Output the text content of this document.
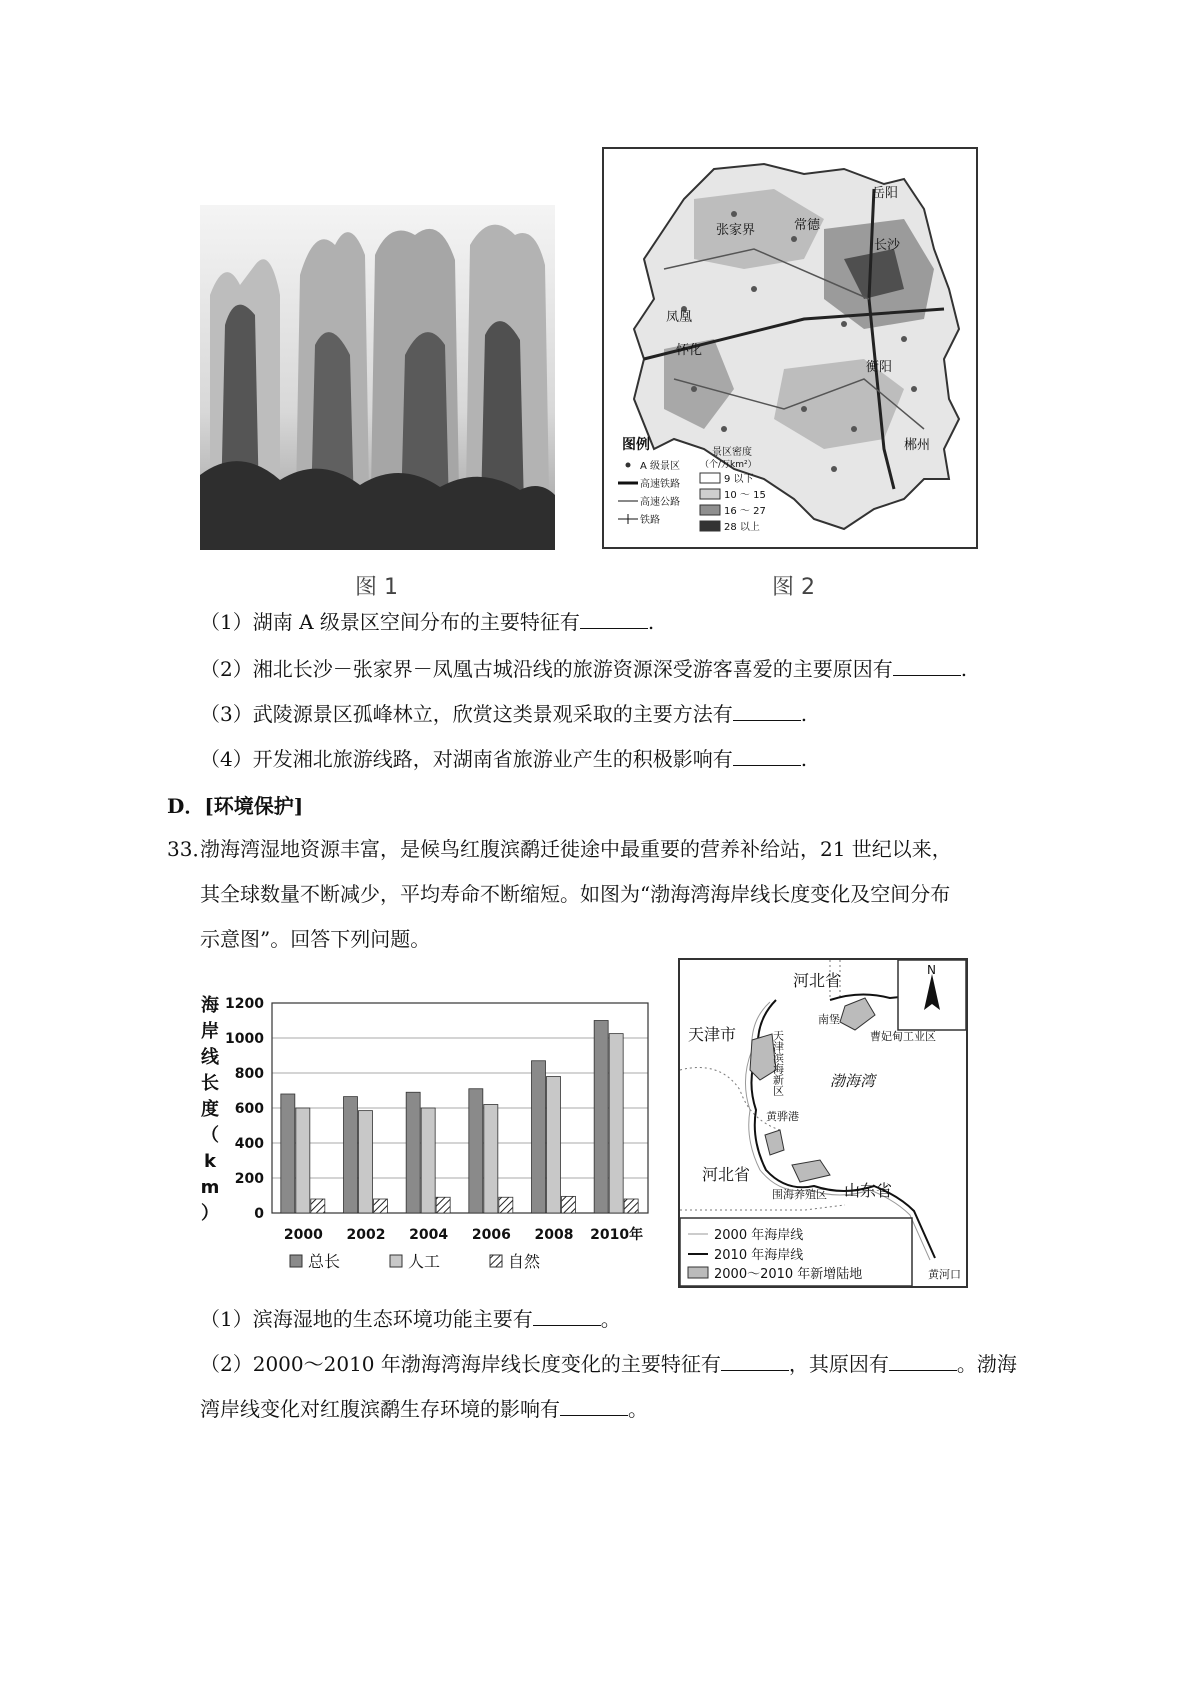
图 1
岳阳
张家界	常德
长沙
凤凰
怀化
衡阳
郴州
图例
A 级景区
高速铁路
高速公路
铁路
景区密度
（个/万km²）
9 以下
10 ～ 15
16 ～ 27
28 以上
图 2
（1）湖南 A 级景区空间分布的主要特征有	.
（2）湘北长沙－张家界－凤凰古城沿线的旅游资源深受游客喜爱的主要原因有	.
（3）武陵源景区孤峰林立，欣赏这类景观采取的主要方法有	.
（4）开发湘北旅游线路，对湖南省旅游业产生的积极影响有	.
D．[环境保护]
33．
渤海湾湿地资源丰富，是候鸟红腹滨鹬迁徙途中最重要的营养补给站，21 世纪以来，
其全球数量不断减少，平均寿命不断缩短。如图为“渤海湾海岸线长度变化及空间分布
示意图”。回答下列问题。
海
岸
线
长
度
（
k
m
）	0
200
400
600
800
1000
1200
2000 2002 2004 2006 2008 2010年
总长	人工	自然
N
河北省
天津市	天津滨海新区
南堡
曹妃甸工业区
渤海湾
黄骅港
河北省
围海养殖区 山东省
黄河口
2000 年海岸线
2010 年海岸线
2000～2010 年新增陆地
（1）滨海湿地的生态环境功能主要有	。
（2）2000～2010 年渤海湾海岸线长度变化的主要特征有	，其原因有	。渤海
湾岸线变化对红腹滨鹬生存环境的影响有	。
